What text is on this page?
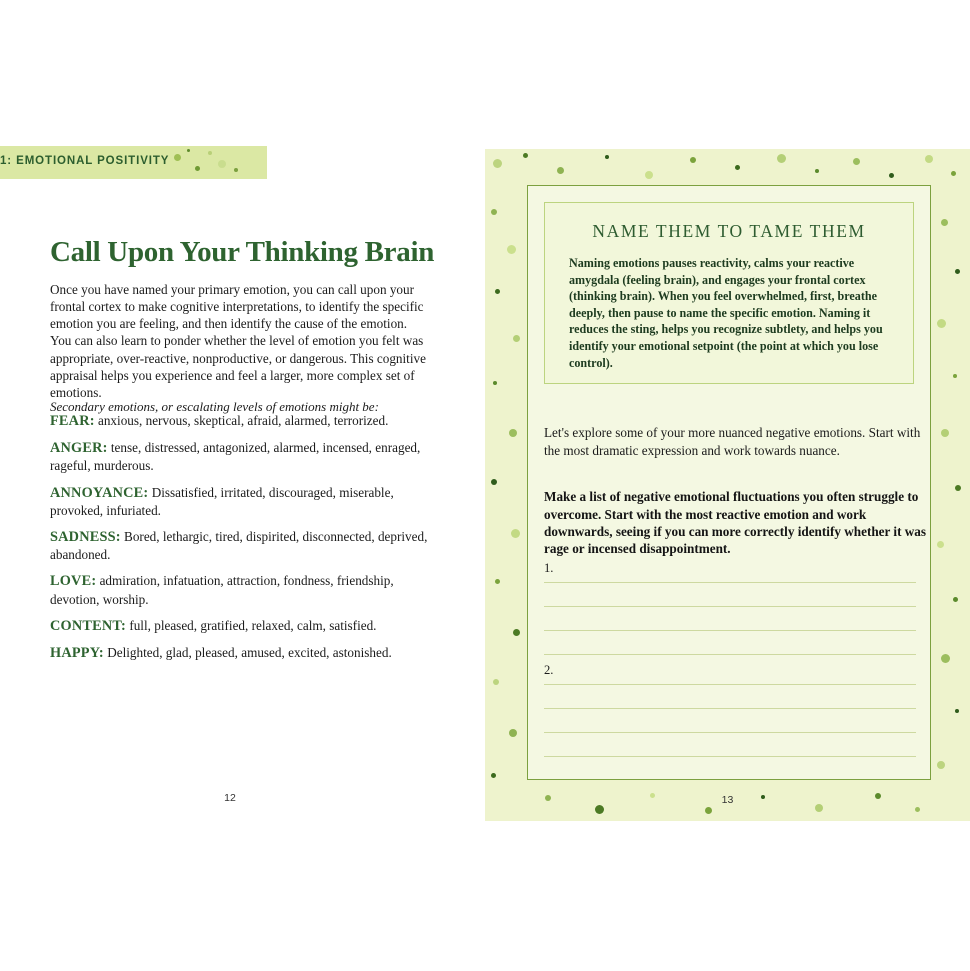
1: EMOTIONAL POSITIVITY
Call Upon Your Thinking Brain

Once you have named your primary emotion, you can call upon your frontal cortex to make cognitive interpretations, to identify the specific emotion you are feeling, and then identify the cause of the emotion. You can also learn to ponder whether the level of emotion you felt was appropriate, over-reactive, nonproductive, or dangerous. This cognitive appraisal helps you experience and feel a larger, more complex set of emotions.

Secondary emotions, or escalating levels of emotions might be:

FEAR: anxious, nervous, skeptical, afraid, alarmed, terrorized.
ANGER: tense, distressed, antagonized, alarmed, incensed, enraged, rageful, murderous.
ANNOYANCE: Dissatisfied, irritated, discouraged, miserable, provoked, infuriated.
SADNESS: Bored, lethargic, tired, dispirited, disconnected, deprived, abandoned.
LOVE: admiration, infatuation, attraction, fondness, friendship, devotion, worship.
CONTENT: full, pleased, gratified, relaxed, calm, satisfied.
HAPPY: Delighted, glad, pleased, amused, excited, astonished.
12
NAME THEM TO TAME THEM
Naming emotions pauses reactivity, calms your reactive amygdala (feeling brain), and engages your frontal cortex (thinking brain). When you feel overwhelmed, first, breathe deeply, then pause to name the specific emotion. Naming it reduces the sting, helps you recognize subtlety, and helps you identify your emotional setpoint (the point at which you lose control).

Let's explore some of your more nuanced negative emotions. Start with the most dramatic expression and work towards nuance.

Make a list of negative emotional fluctuations you often struggle to overcome. Start with the most reactive emotion and work downwards, seeing if you can more correctly identify whether it was rage or incensed disappointment.

1.
2.
13
